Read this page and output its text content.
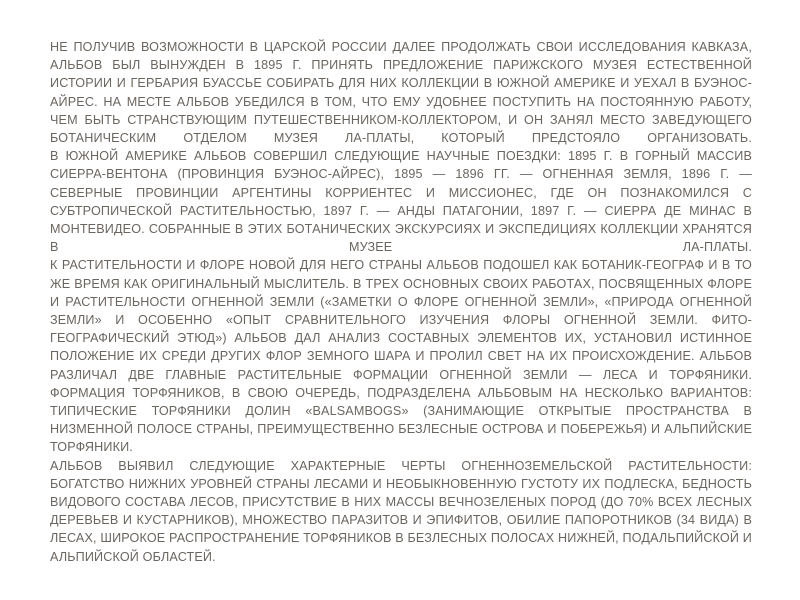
НЕ ПОЛУЧИВ ВОЗМОЖНОСТИ В ЦАРСКОЙ РОССИИ ДАЛЕЕ ПРОДОЛЖАТЬ СВОИ ИССЛЕДОВАНИЯ КАВКАЗА, АЛЬБОВ БЫЛ ВЫНУЖДЕН В 1895 Г. ПРИНЯТЬ ПРЕДЛОЖЕНИЕ ПАРИЖСКОГО МУЗЕЯ ЕСТЕСТВЕННОЙ ИСТОРИИ И ГЕРБАРИЯ БУАССЬЕ СОБИРАТЬ ДЛЯ НИХ КОЛЛЕКЦИИ В ЮЖНОЙ АМЕРИКЕ И УЕХАЛ В БУЭНОС-АЙРЕС. НА МЕСТЕ АЛЬБОВ УБЕДИЛСЯ В ТОМ, ЧТО ЕМУ УДОБНЕЕ ПОСТУПИТЬ НА ПОСТОЯННУЮ РАБОТУ, ЧЕМ БЫТЬ СТРАНСТВУЮЩИМ ПУТЕШЕСТВЕННИКОМ-КОЛЛЕКТОРОМ, И ОН ЗАНЯЛ МЕСТО ЗАВЕДУЮЩЕГО БОТАНИЧЕСКИМ ОТДЕЛОМ МУЗЕЯ ЛА-ПЛАТЫ, КОТОРЫЙ ПРЕДСТОЯЛО ОРГАНИЗОВАТЬ.

В ЮЖНОЙ АМЕРИКЕ АЛЬБОВ СОВЕРШИЛ СЛЕДУЮЩИЕ НАУЧНЫЕ ПОЕЗДКИ: 1895 Г. В ГОРНЫЙ МАССИВ СИЕРРА-ВЕНТОНА (ПРОВИНЦИЯ БУЭНОС-АЙРЕС), 1895 — 1896 ГГ. — ОГНЕННАЯ ЗЕМЛЯ, 1896 Г. — СЕВЕРНЫЕ ПРОВИНЦИИ АРГЕНТИНЫ КОРРИЕНТЕС И МИССИОНЕС, ГДЕ ОН ПОЗНАКОМИЛСЯ С СУБТРОПИЧЕСКОЙ РАСТИТЕЛЬНОСТЬЮ, 1897 Г. — АНДЫ ПАТАГОНИИ, 1897 Г. — СИЕРРА ДЕ МИНАС В МОНТЕВИДЕО. СОБРАННЫЕ В ЭТИХ БОТАНИЧЕСКИХ ЭКСКУРСИЯХ И ЭКСПЕДИЦИЯХ КОЛЛЕКЦИИ ХРАНЯТСЯ В МУЗЕЕ ЛА-ПЛАТЫ.

К РАСТИТЕЛЬНОСТИ И ФЛОРЕ НОВОЙ ДЛЯ НЕГО СТРАНЫ АЛЬБОВ ПОДОШЕЛ КАК БОТАНИК-ГЕОГРАФ И В ТО ЖЕ ВРЕМЯ КАК ОРИГИНАЛЬНЫЙ МЫСЛИТЕЛЬ. В ТРЕХ ОСНОВНЫХ СВОИХ РАБОТАХ, ПОСВЯЩЕННЫХ ФЛОРЕ И РАСТИТЕЛЬНОСТИ ОГНЕННОЙ ЗЕМЛИ («ЗАМЕТКИ О ФЛОРЕ ОГНЕННОЙ ЗЕМЛИ», «ПРИРОДА ОГНЕННОЙ ЗЕМЛИ» И ОСОБЕННО «ОПЫТ СРАВНИТЕЛЬНОГО ИЗУЧЕНИЯ ФЛОРЫ ОГНЕННОЙ ЗЕМЛИ. ФИТО-ГЕОГРАФИЧЕСКИЙ ЭТЮД») АЛЬБОВ ДАЛ АНАЛИЗ СОСТАВНЫХ ЭЛЕМЕНТОВ ИХ, УСТАНОВИЛ ИСТИННОЕ ПОЛОЖЕНИЕ ИХ СРЕДИ ДРУГИХ ФЛОР ЗЕМНОГО ШАРА И ПРОЛИЛ СВЕТ НА ИХ ПРОИСХОЖДЕНИЕ. АЛЬБОВ РАЗЛИЧАЛ ДВЕ ГЛАВНЫЕ РАСТИТЕЛЬНЫЕ ФОРМАЦИИ ОГНЕННОЙ ЗЕМЛИ — ЛЕСА И ТОРФЯНИКИ. ФОРМАЦИЯ ТОРФЯНИКОВ, В СВОЮ ОЧЕРЕДЬ, ПОДРАЗДЕЛЕНА АЛЬБОВЫМ НА НЕСКОЛЬКО ВАРИАНТОВ: ТИПИЧЕСКИЕ ТОРФЯНИКИ ДОЛИН «BALSAMBOGS» (ЗАНИМАЮЩИЕ ОТКРЫТЫЕ ПРОСТРАНСТВА В НИЗМЕННОЙ ПОЛОСЕ СТРАНЫ, ПРЕИМУЩЕСТВЕННО БЕЗЛЕСНЫЕ ОСТРОВА И ПОБЕРЕЖЬЯ) И АЛЬПИЙСКИЕ ТОРФЯНИКИ.

АЛЬБОВ ВЫЯВИЛ СЛЕДУЮЩИЕ ХАРАКТЕРНЫЕ ЧЕРТЫ ОГНЕННОЗЕМЕЛЬСКОЙ РАСТИТЕЛЬНОСТИ: БОГАТСТВО НИЖНИХ УРОВНЕЙ СТРАНЫ ЛЕСАМИ И НЕОБЫКНОВЕННУЮ ГУСТОТУ ИХ ПОДЛЕСКА, БЕДНОСТЬ ВИДОВОГО СОСТАВА ЛЕСОВ, ПРИСУТСТВИЕ В НИХ МАССЫ ВЕЧНОЗЕЛЕНЫХ ПОРОД (ДО 70% ВСЕХ ЛЕСНЫХ ДЕРЕВЬЕВ И КУСТАРНИКОВ), МНОЖЕСТВО ПАРАЗИТОВ И ЭПИФИТОВ, ОБИЛИЕ ПАПОРОТНИКОВ (34 ВИДА) В ЛЕСАХ, ШИРОКОЕ РАСПРОСТРАНЕНИЕ ТОРФЯНИКОВ В БЕЗЛЕСНЫХ ПОЛОСАХ НИЖНЕЙ, ПОДАЛЬПИЙСКОЙ И АЛЬПИЙСКОЙ ОБЛАСТЕЙ.
